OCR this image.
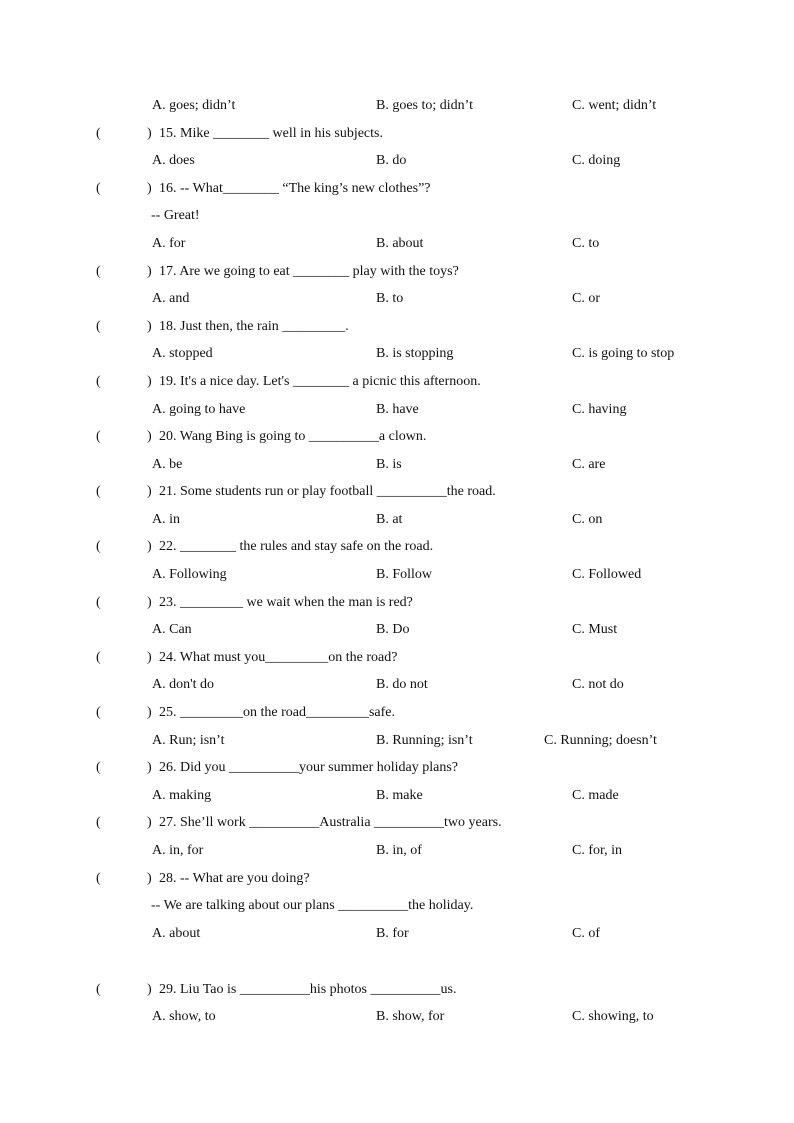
A. goes; didn’t	B. goes to; didn’t	C. went; didn’t
(	) 15. Mike ________ well in his subjects.
A. does	B. do	C. doing
(	) 16. -- What________ “The king’s new clothes”?
-- Great!
A. for	B. about	C. to
(	) 17. Are we going to eat ________ play with the toys?
A. and	B. to	C. or
(	) 18. Just then, the rain _________.
A. stopped	B. is stopping	C. is going to stop
(	) 19. It's a nice day. Let's ________ a picnic this afternoon.
A. going to have	B. have	C. having
(	) 20. Wang Bing is going to __________a clown.
A. be	B. is	C. are
(	) 21. Some students run or play football __________the road.
A. in	B. at	C. on
(	) 22. ________ the rules and stay safe on the road.
A. Following	B. Follow	C. Followed
(	) 23. _________ we wait when the man is red?
A. Can	B. Do	C. Must
(	) 24. What must you_________on the road?
A. don't do	B. do not	C. not do
(	) 25. _________on the road_________safe.
A. Run; isn’t	B. Running; isn’t	C. Running; doesn’t
(	) 26. Did you __________your summer holiday plans?
A. making	B. make	C. made
(	) 27. She’ll work __________Australia __________two years.
A. in, for	B. in, of	C. for, in
(	) 28. -- What are you doing?
-- We are talking about our plans __________the holiday.
A. about	B. for	C. of
(	) 29. Liu Tao is __________his photos __________us.
A. show, to	B. show, for	C. showing, to
